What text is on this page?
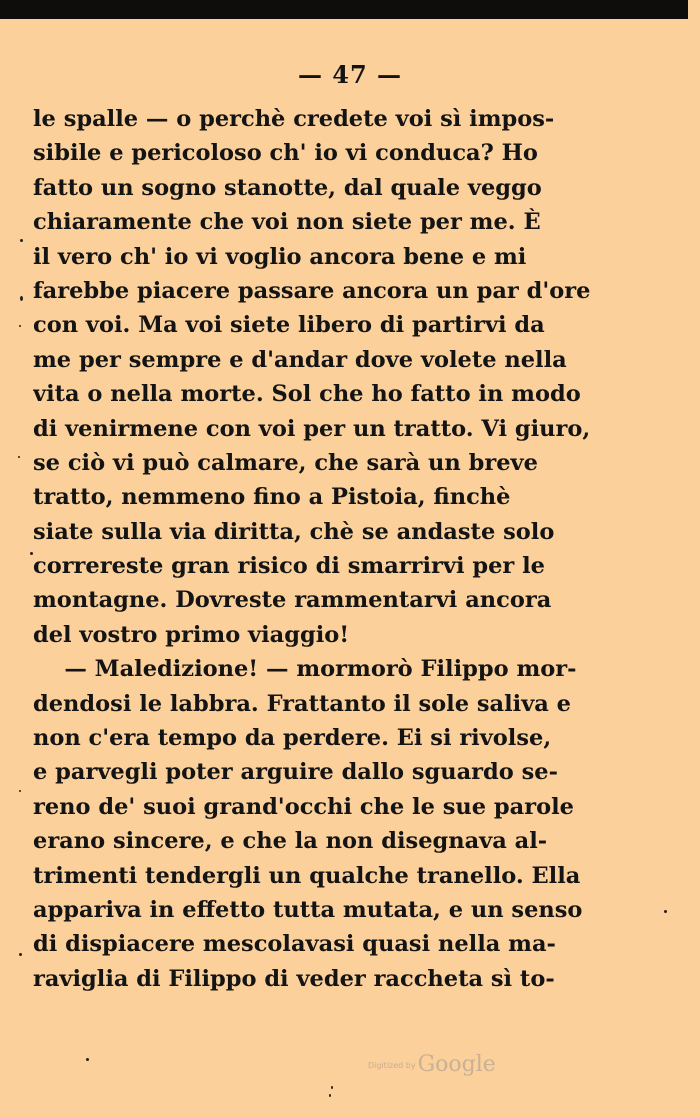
— 47 —
le spalle — o perchè credete voi sì impos-
sibile e pericoloso ch' io vi conduca? Ho
fatto un sogno stanotte, dal quale veggo
chiaramente che voi non siete per me. È
il vero ch' io vi voglio ancora bene e mi
farebbe piacere passare ancora un par d'ore
con voi. Ma voi siete libero di partirvi da
me per sempre e d'andar dove volete nella
vita o nella morte. Sol che ho fatto in modo
di venirmene con voi per un tratto. Vi giuro,
se ciò vi può calmare, che sarà un breve
tratto, nemmeno fino a Pistoia, finchè
siate sulla via diritta, chè se andaste solo
correreste gran risico di smarrirvi per le
montagne. Dovreste rammentarvi ancora
del vostro primo viaggio!
— Maledizione! — mormorò Filippo mor-
dendosi le labbra. Frattanto il sole saliva e
non c'era tempo da perdere. Ei si rivolse,
e parvegli poter arguire dallo sguardo se-
reno de' suoi grand'occhi che le sue parole
erano sincere, e che la non disegnava al-
trimenti tendergli un qualche tranello. Ella
appariva in effetto tutta mutata, e un senso
di dispiacere mescolavasi quasi nella ma-
raviglia di Filippo di veder raccheta sì to-
Digitized byGoogle
